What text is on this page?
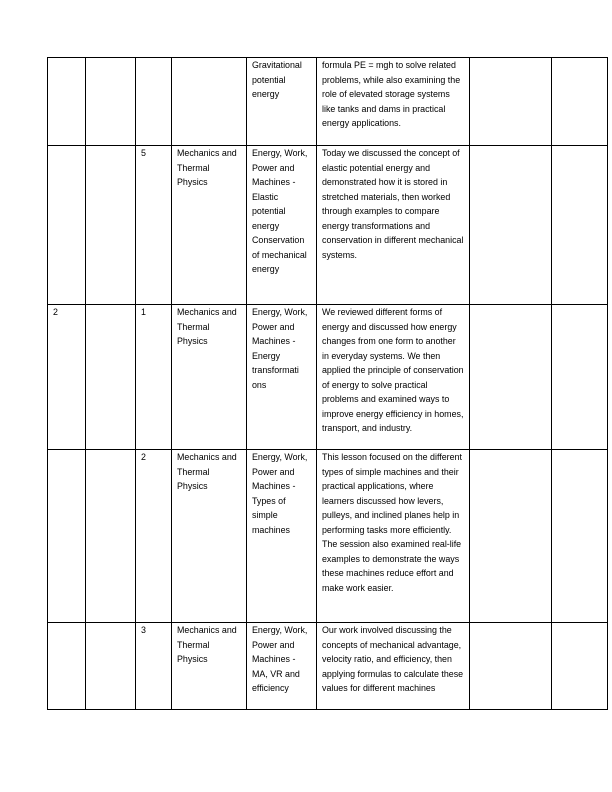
				Gravitational potential energy	formula PE = mgh to solve related problems, while also examining the role of elevated storage systems like tanks and dams in practical energy applications.		
		5	Mechanics and Thermal Physics	Energy, Work, Power and Machines - Elastic potential energy Conservation of mechanical energy	Today we discussed the concept of elastic potential energy and demonstrated how it is stored in stretched materials, then worked through examples to compare energy transformations and conservation in different mechanical systems.		
2		1	Mechanics and Thermal Physics	Energy, Work, Power and Machines - Energy transformati ons	We reviewed different forms of energy and discussed how energy changes from one form to another in everyday systems. We then applied the principle of conservation of energy to solve practical problems and examined ways to improve energy efficiency in homes, transport, and industry.		
		2	Mechanics and Thermal Physics	Energy, Work, Power and Machines - Types of simple machines	This lesson focused on the different types of simple machines and their practical applications, where learners discussed how levers, pulleys, and inclined planes help in performing tasks more efficiently. The session also examined real-life examples to demonstrate the ways these machines reduce effort and make work easier.		
		3	Mechanics and Thermal Physics	Energy, Work, Power and Machines - MA, VR and efficiency	Our work involved discussing the concepts of mechanical advantage, velocity ratio, and efficiency, then applying formulas to calculate these values for different machines		
